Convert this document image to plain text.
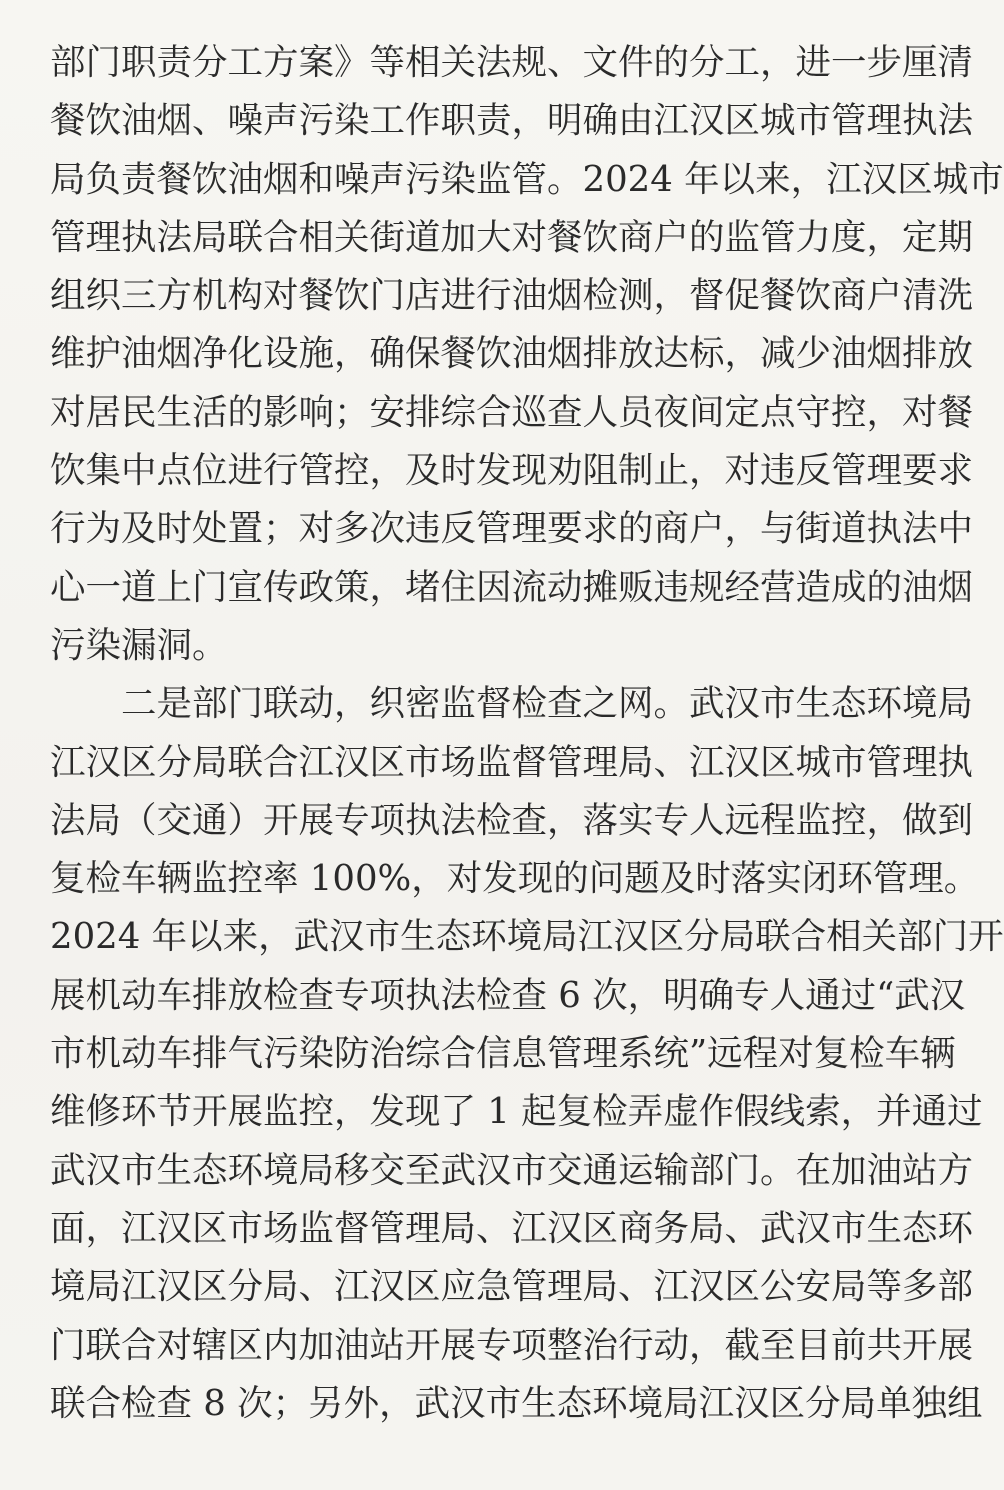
部门职责分工方案》等相关法规、文件的分工，进一步厘清
餐饮油烟、噪声污染工作职责，明确由江汉区城市管理执法
局负责餐饮油烟和噪声污染监管。2024 年以来，江汉区城市
管理执法局联合相关街道加大对餐饮商户的监管力度，定期
组织三方机构对餐饮门店进行油烟检测，督促餐饮商户清洗
维护油烟净化设施，确保餐饮油烟排放达标，减少油烟排放
对居民生活的影响；安排综合巡查人员夜间定点守控，对餐
饮集中点位进行管控，及时发现劝阻制止，对违反管理要求
行为及时处置；对多次违反管理要求的商户，与街道执法中
心一道上门宣传政策，堵住因流动摊贩违规经营造成的油烟
污染漏洞。
二是部门联动，织密监督检查之网。武汉市生态环境局
江汉区分局联合江汉区市场监督管理局、江汉区城市管理执
法局（交通）开展专项执法检查，落实专人远程监控，做到
复检车辆监控率 100%，对发现的问题及时落实闭环管理。
2024 年以来，武汉市生态环境局江汉区分局联合相关部门开
展机动车排放检查专项执法检查 6 次，明确专人通过“武汉
市机动车排气污染防治综合信息管理系统”远程对复检车辆
维修环节开展监控，发现了 1 起复检弄虚作假线索，并通过
武汉市生态环境局移交至武汉市交通运输部门。在加油站方
面，江汉区市场监督管理局、江汉区商务局、武汉市生态环
境局江汉区分局、江汉区应急管理局、江汉区公安局等多部
门联合对辖区内加油站开展专项整治行动，截至目前共开展
联合检查 8 次；另外，武汉市生态环境局江汉区分局单独组
